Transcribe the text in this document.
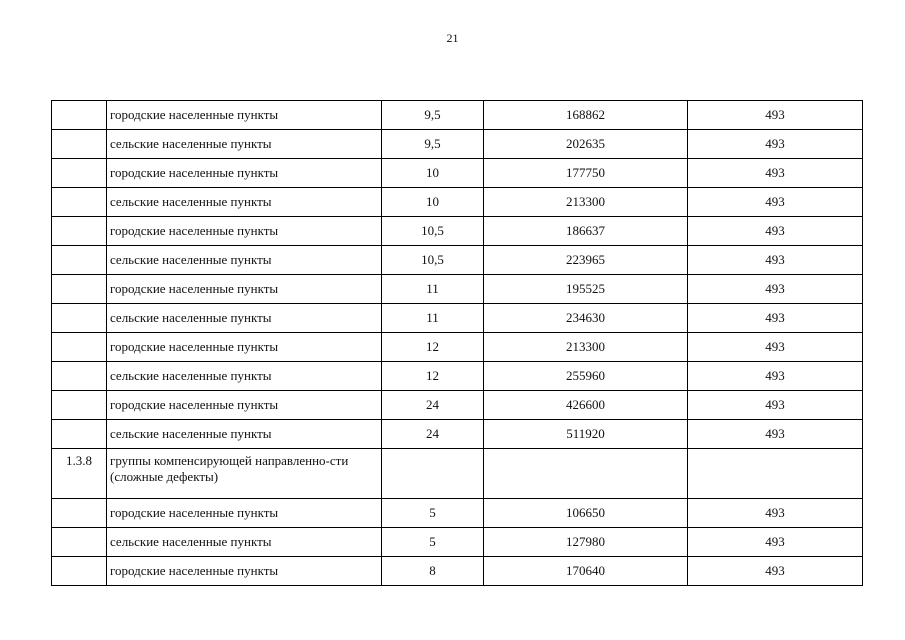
21
	городские населенные пункты	9,5	168862	493
	сельские населенные пункты	9,5	202635	493
	городские населенные пункты	10	177750	493
	сельские населенные пункты	10	213300	493
	городские населенные пункты	10,5	186637	493
	сельские населенные пункты	10,5	223965	493
	городские населенные пункты	11	195525	493
	сельские населенные пункты	11	234630	493
	городские населенные пункты	12	213300	493
	сельские населенные пункты	12	255960	493
	городские населенные пункты	24	426600	493
	сельские населенные пункты	24	511920	493
1.3.8	группы компенсирующей направленно-сти (сложные дефекты)			
	городские населенные пункты	5	106650	493
	сельские населенные пункты	5	127980	493
	городские населенные пункты	8	170640	493
